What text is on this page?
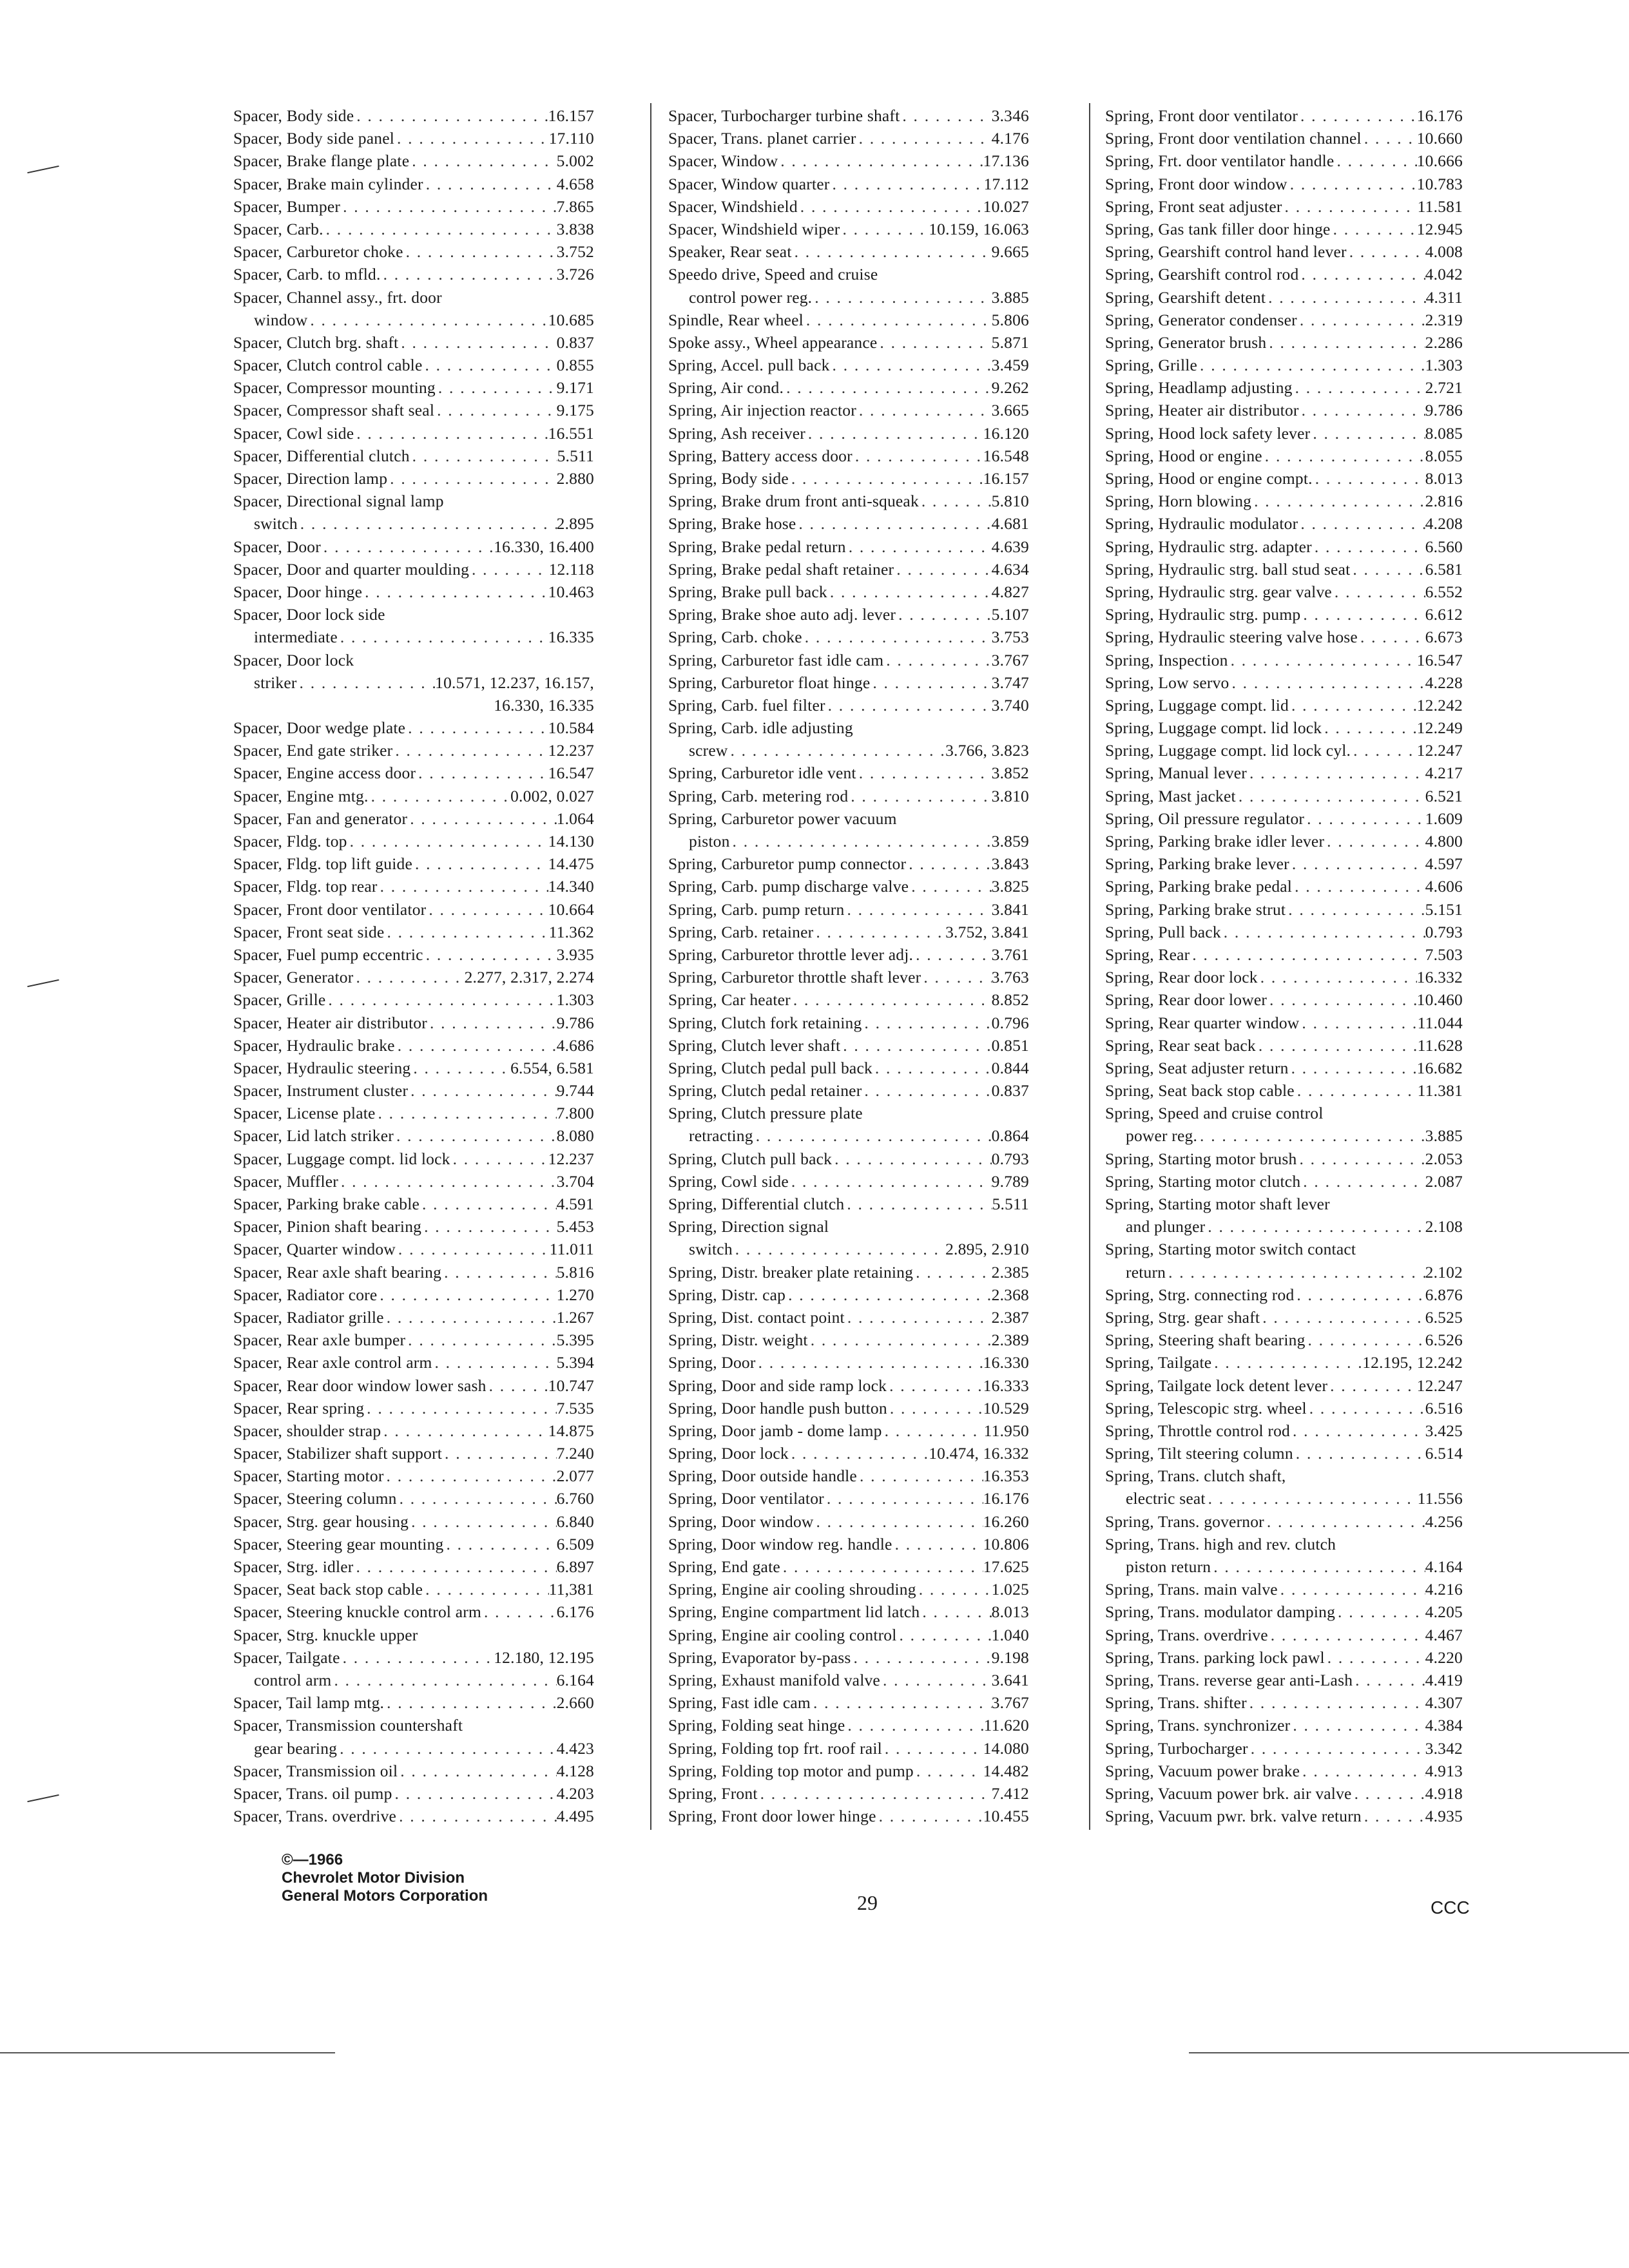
Spacer, Body side . . .	16.157
Spacer, Body side panel . . .	17.110
Spacer, Brake flange plate . . .	5.002
Spacer, Brake main cylinder . . .	4.658
Spacer, Bumper . . .	7.865
Spacer, Carb. . . .	3.838
Spacer, Carburetor choke . . .	3.752
Spacer, Carb. to mfld. . . .	3.726
Spacer, Channel assy., frt. door
window . . .	10.685
Spacer, Clutch brg. shaft . . .	0.837
Spacer, Clutch control cable . . .	0.855
Spacer, Compressor mounting . . .	9.171
Spacer, Compressor shaft seal . . .	9.175
Spacer, Cowl side . . .	16.551
Spacer, Differential clutch . . .	5.511
Spacer, Direction lamp . . .	2.880
Spacer, Directional signal lamp
switch . . .	2.895
Spacer, Door . . .	16.330, 16.400
Spacer, Door and quarter moulding . . .	12.118
Spacer, Door hinge . . .	10.463
Spacer, Door lock side
intermediate . . .	16.335
Spacer, Door lock
striker . . .	10.571, 12.237, 16.157,
16.330, 16.335
Spacer, Door wedge plate . . .	10.584
Spacer, End gate striker . . .	12.237
Spacer, Engine access door . . .	16.547
Spacer, Engine mtg. . . .	0.002, 0.027
Spacer, Fan and generator . . .	1.064
Spacer, Fldg. top . . .	14.130
Spacer, Fldg. top lift guide . . .	14.475
Spacer, Fldg. top rear . . .	14.340
Spacer, Front door ventilator . . .	10.664
Spacer, Front seat side . . .	11.362
Spacer, Fuel pump eccentric . . .	3.935
Spacer, Generator . . .	2.277, 2.317, 2.274
Spacer, Grille . . .	1.303
Spacer, Heater air distributor . . .	9.786
Spacer, Hydraulic brake . . .	4.686
Spacer, Hydraulic steering . . .	6.554, 6.581
Spacer, Instrument cluster . . .	9.744
Spacer, License plate . . .	7.800
Spacer, Lid latch striker . . .	8.080
Spacer, Luggage compt. lid lock . . .	12.237
Spacer, Muffler . . .	3.704
Spacer, Parking brake cable . . .	4.591
Spacer, Pinion shaft bearing . . .	5.453
Spacer, Quarter window . . .	11.011
Spacer, Rear axle shaft bearing . . .	5.816
Spacer, Radiator core . . .	1.270
Spacer, Radiator grille . . .	1.267
Spacer, Rear axle bumper . . .	5.395
Spacer, Rear axle control arm . . .	5.394
Spacer, Rear door window lower sash . . .	10.747
Spacer, Rear spring . . .	7.535
Spacer, shoulder strap . . .	14.875
Spacer, Stabilizer shaft support . . .	7.240
Spacer, Starting motor . . .	2.077
Spacer, Steering column . . .	6.760
Spacer, Strg. gear housing . . .	6.840
Spacer, Steering gear mounting . . .	6.509
Spacer, Strg. idler . . .	6.897
Spacer, Seat back stop cable . . .	11,381
Spacer, Steering knuckle control arm . . .	6.176
Spacer, Strg. knuckle upper
Spacer, Tailgate . . .	12.180, 12.195
control arm . . .	6.164
Spacer, Tail lamp mtg. . . .	2.660
Spacer, Transmission countershaft
gear bearing . . .	4.423
Spacer, Transmission oil . . .	4.128
Spacer, Trans. oil pump . . .	4.203
Spacer, Trans. overdrive . . .	4.495
Spacer, Turbocharger turbine shaft . . .	3.346
Spacer, Trans. planet carrier . . .	4.176
Spacer, Window . . .	17.136
Spacer, Window quarter . . .	17.112
Spacer, Windshield . . .	10.027
Spacer, Windshield wiper . . .	10.159, 16.063
Speaker, Rear seat . . .	9.665
Speedo drive, Speed and cruise
control power reg. . . .	3.885
Spindle, Rear wheel . . .	5.806
Spoke assy., Wheel appearance . . .	5.871
Spring, Accel. pull back . . .	3.459
Spring, Air cond. . . .	9.262
Spring, Air injection reactor . . .	3.665
Spring, Ash receiver . . .	16.120
Spring, Battery access door . . .	16.548
Spring, Body side . . .	16.157
Spring, Brake drum front anti-squeak . . .	5.810
Spring, Brake hose . . .	4.681
Spring, Brake pedal return . . .	4.639
Spring, Brake pedal shaft retainer . . .	4.634
Spring, Brake pull back . . .	4.827
Spring, Brake shoe auto adj. lever . . .	5.107
Spring, Carb. choke . . .	3.753
Spring, Carburetor fast idle cam . . .	3.767
Spring, Carburetor float hinge . . .	3.747
Spring, Carb. fuel filter . . .	3.740
Spring, Carb. idle adjusting
screw . . .	3.766, 3.823
Spring, Carburetor idle vent . . .	3.852
Spring, Carb. metering rod . . .	3.810
Spring, Carburetor power vacuum
piston . . .	3.859
Spring, Carburetor pump connector . . .	3.843
Spring, Carb. pump discharge valve . . .	3.825
Spring, Carb. pump return . . .	3.841
Spring, Carb. retainer . . .	3.752, 3.841
Spring, Carburetor throttle lever adj. . . .	3.761
Spring, Carburetor throttle shaft lever . . .	3.763
Spring, Car heater . . .	8.852
Spring, Clutch fork retaining . . .	0.796
Spring, Clutch lever shaft . . .	0.851
Spring, Clutch pedal pull back . . .	0.844
Spring, Clutch pedal retainer . . .	0.837
Spring, Clutch pressure plate
retracting . . .	0.864
Spring, Clutch pull back . . .	0.793
Spring, Cowl side . . .	9.789
Spring, Differential clutch . . .	5.511
Spring, Direction signal
switch . . .	2.895, 2.910
Spring, Distr. breaker plate retaining . . .	2.385
Spring, Distr. cap . . .	2.368
Spring, Dist. contact point . . .	2.387
Spring, Distr. weight . . .	2.389
Spring, Door . . .	16.330
Spring, Door and side ramp lock . . .	16.333
Spring, Door handle push button . . .	10.529
Spring, Door jamb - dome lamp . . .	11.950
Spring, Door lock . . .	10.474, 16.332
Spring, Door outside handle . . .	16.353
Spring, Door ventilator . . .	16.176
Spring, Door window . . .	16.260
Spring, Door window reg. handle . . .	10.806
Spring, End gate . . .	17.625
Spring, Engine air cooling shrouding . . .	1.025
Spring, Engine compartment lid latch . . .	8.013
Spring, Engine air cooling control . . .	1.040
Spring, Evaporator by-pass . . .	9.198
Spring, Exhaust manifold valve . . .	3.641
Spring, Fast idle cam . . .	3.767
Spring, Folding seat hinge . . .	11.620
Spring, Folding top frt. roof rail . . .	14.080
Spring, Folding top motor and pump . . .	14.482
Spring, Front . . .	7.412
Spring, Front door lower hinge . . .	10.455
Spring, Front door ventilator . . .	16.176
Spring, Front door ventilation channel . . .	10.660
Spring, Frt. door ventilator handle . . .	10.666
Spring, Front door window . . .	10.783
Spring, Front seat adjuster . . .	11.581
Spring, Gas tank filler door hinge . . .	12.945
Spring, Gearshift control hand lever . . .	4.008
Spring, Gearshift control rod . . .	4.042
Spring, Gearshift detent . . .	4.311
Spring, Generator condenser . . .	2.319
Spring, Generator brush . . .	2.286
Spring, Grille . . .	1.303
Spring, Headlamp adjusting . . .	2.721
Spring, Heater air distributor . . .	9.786
Spring, Hood lock safety lever . . .	8.085
Spring, Hood or engine . . .	8.055
Spring, Hood or engine compt. . . .	8.013
Spring, Horn blowing . . .	2.816
Spring, Hydraulic modulator . . .	4.208
Spring, Hydraulic strg. adapter . . .	6.560
Spring, Hydraulic strg. ball stud seat . . .	6.581
Spring, Hydraulic strg. gear valve . . .	6.552
Spring, Hydraulic strg. pump . . .	6.612
Spring, Hydraulic steering valve hose . . .	6.673
Spring, Inspection . . .	16.547
Spring, Low servo . . .	4.228
Spring, Luggage compt. lid . . .	12.242
Spring, Luggage compt. lid lock . . .	12.249
Spring, Luggage compt. lid lock cyl. . . .	12.247
Spring, Manual lever . . .	4.217
Spring, Mast jacket . . .	6.521
Spring, Oil pressure regulator . . .	1.609
Spring, Parking brake idler lever . . .	4.800
Spring, Parking brake lever . . .	4.597
Spring, Parking brake pedal . . .	4.606
Spring, Parking brake strut . . .	5.151
Spring, Pull back . . .	0.793
Spring, Rear . . .	7.503
Spring, Rear door lock . . .	16.332
Spring, Rear door lower . . .	10.460
Spring, Rear quarter window . . .	11.044
Spring, Rear seat back . . .	11.628
Spring, Seat adjuster return . . .	16.682
Spring, Seat back stop cable . . .	11.381
Spring, Speed and cruise control
power reg. . . .	3.885
Spring, Starting motor brush . . .	2.053
Spring, Starting motor clutch . . .	2.087
Spring, Starting motor shaft lever
and plunger . . .	2.108
Spring, Starting motor switch contact
return . . .	2.102
Spring, Strg. connecting rod . . .	6.876
Spring, Strg. gear shaft . . .	6.525
Spring, Steering shaft bearing . . .	6.526
Spring, Tailgate . . .	12.195, 12.242
Spring, Tailgate lock detent lever . . .	12.247
Spring, Telescopic strg. wheel . . .	6.516
Spring, Throttle control rod . . .	3.425
Spring, Tilt steering column . . .	6.514
Spring, Trans. clutch shaft,
electric seat . . .	11.556
Spring, Trans. governor . . .	4.256
Spring, Trans. high and rev. clutch
piston return . . .	4.164
Spring, Trans. main valve . . .	4.216
Spring, Trans. modulator damping . . .	4.205
Spring, Trans. overdrive . . .	4.467
Spring, Trans. parking lock pawl . . .	4.220
Spring, Trans. reverse gear anti-Lash . . .	4.419
Spring, Trans. shifter . . .	4.307
Spring, Trans. synchronizer . . .	4.384
Spring, Turbocharger . . .	3.342
Spring, Vacuum power brake . . .	4.913
Spring, Vacuum power brk. air valve . . .	4.918
Spring, Vacuum pwr. brk. valve return . . .	4.935
©—1966
Chevrolet Motor Division
General Motors Corporation	29	CCC
